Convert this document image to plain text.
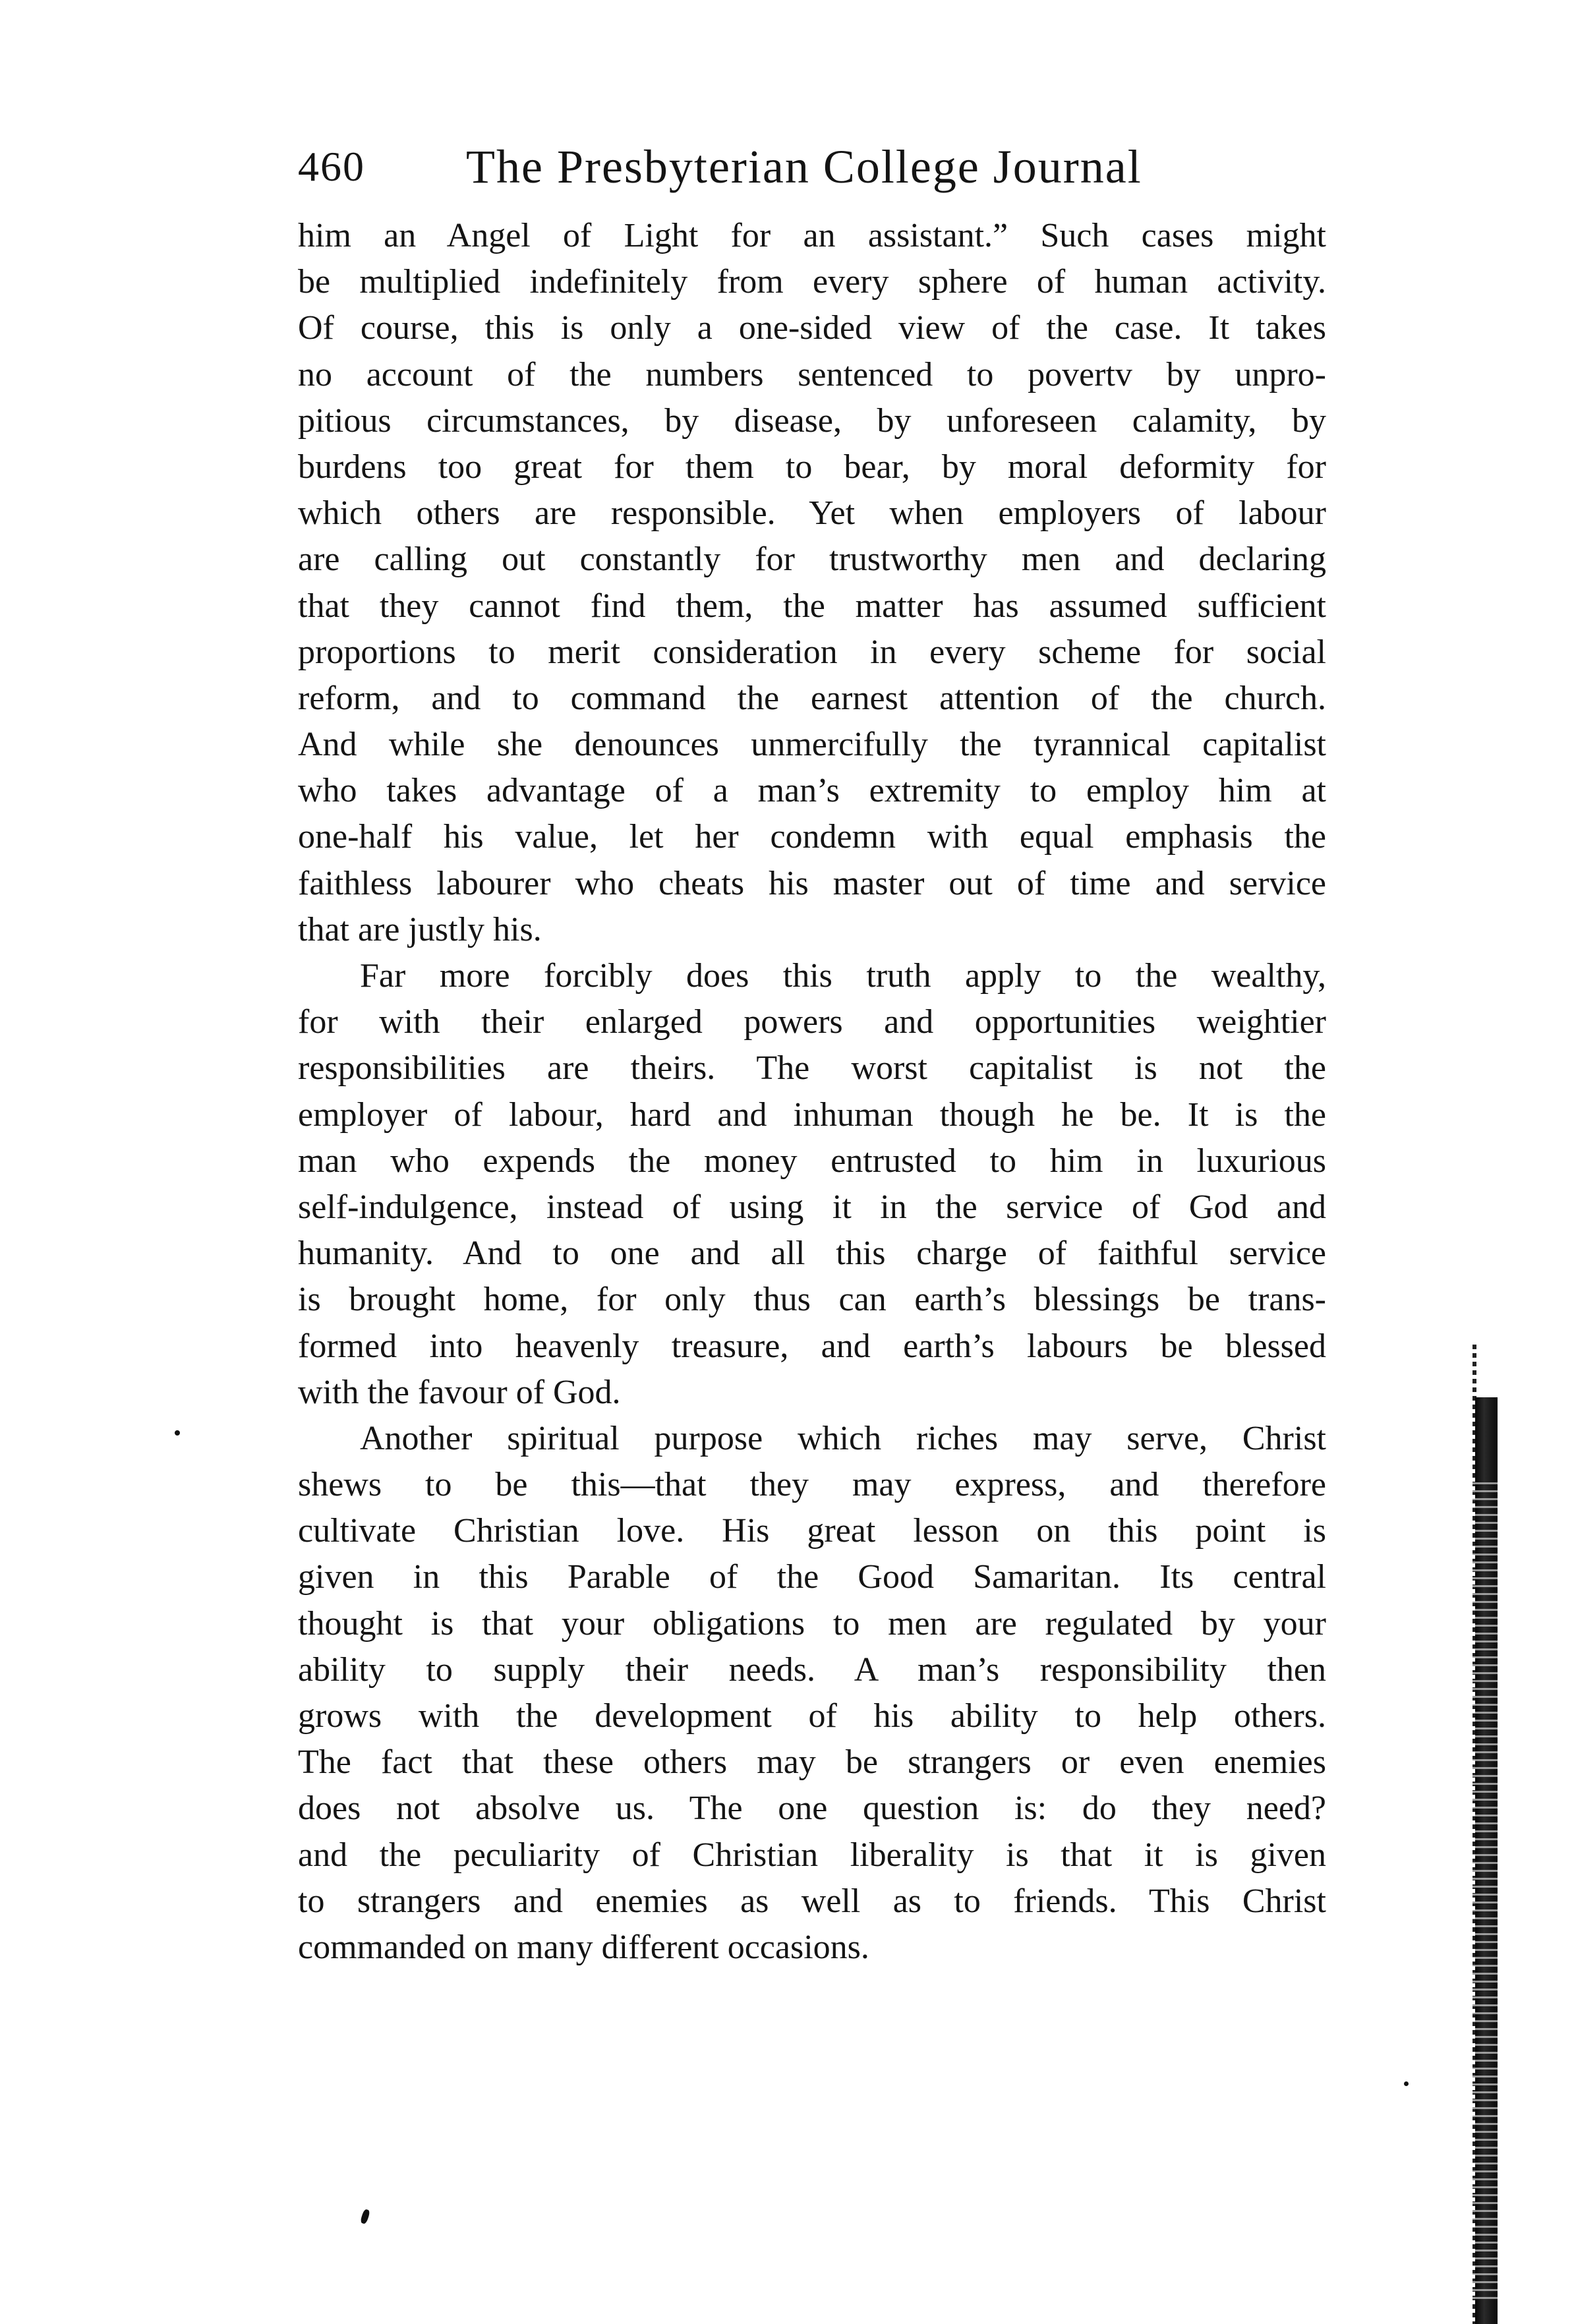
460 The Presbyterian College Journal
him an Angel of Light for an assistant.” Such cases might
be multiplied indefinitely from every sphere of human activity.
Of course, this is only a one-sided view of the case. It takes
no account of the numbers sentenced to povertv by unpro-
pitious circumstances, by disease, by unforeseen calamity, by
burdens too great for them to bear, by moral deformity for
which others are responsible. Yet when employers of labour
are calling out constantly for trustworthy men and declaring
that they cannot find them, the matter has assumed sufficient
proportions to merit consideration in every scheme for social
reform, and to command the earnest attention of the church.
And while she denounces unmercifully the tyrannical capitalist
who takes advantage of a man’s extremity to employ him at
one-half his value, let her condemn with equal emphasis the
faithless labourer who cheats his master out of time and service
that are justly his.
Far more forcibly does this truth apply to the wealthy,
for with their enlarged powers and opportunities weightier
responsibilities are theirs. The worst capitalist is not the
employer of labour, hard and inhuman though he be. It is the
man who expends the money entrusted to him in luxurious
self-indulgence, instead of using it in the service of God and
humanity. And to one and all this charge of faithful service
is brought home, for only thus can earth’s blessings be trans-
formed into heavenly treasure, and earth’s labours be blessed
with the favour of God.
Another spiritual purpose which riches may serve, Christ
shews to be this—that they may express, and therefore
cultivate Christian love. His great lesson on this point is
given in this Parable of the Good Samaritan. Its central
thought is that your obligations to men are regulated by your
ability to supply their needs. A man’s responsibility then
grows with the development of his ability to help others.
The fact that these others may be strangers or even enemies
does not absolve us. The one question is: do they need?
and the peculiarity of Christian liberality is that it is given
to strangers and enemies as well as to friends. This Christ
commanded on many different occasions.
